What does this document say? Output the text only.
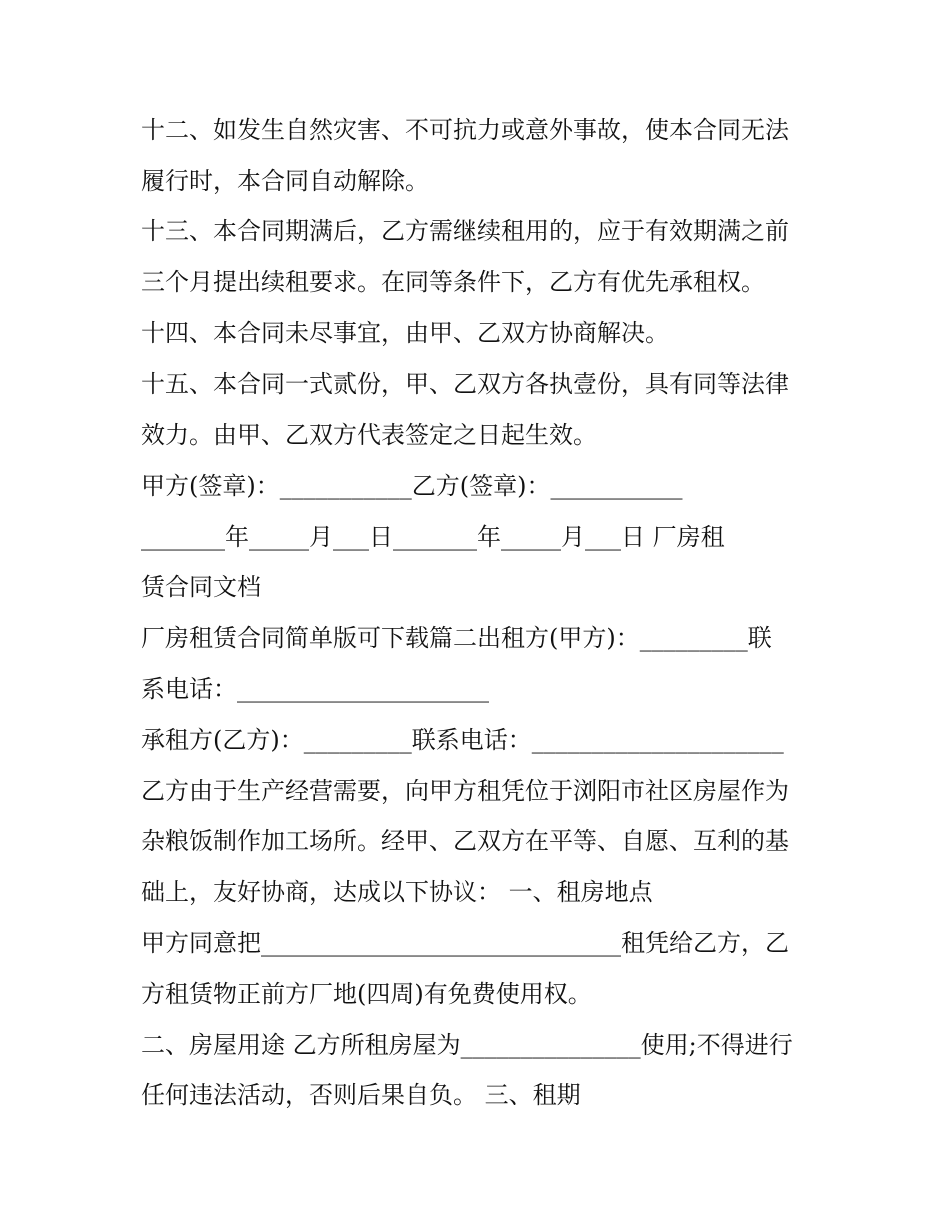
十二、如发生自然灾害、不可抗力或意外事故，使本合同无法
履行时，本合同自动解除。
十三、本合同期满后，乙方需继续租用的，应于有效期满之前
三个月提出续租要求。在同等条件下，乙方有优先承租权。
十四、本合同未尽事宜，由甲、乙双方协商解决。
十五、本合同一式贰份，甲、乙双方各执壹份，具有同等法律
效力。由甲、乙双方代表签定之日起生效。
甲方(签章)：___________乙方(签章)：___________
_______年_____月___日_______年_____月___日 厂房租
赁合同文档
厂房租赁合同简单版可下载篇二出租方(甲方)：_________联
系电话：_____________________
承租方(乙方)：_________联系电话：_____________________
乙方由于生产经营需要，向甲方租凭位于浏阳市社区房屋作为
杂粮饭制作加工场所。经甲、乙双方在平等、自愿、互利的基
础上，友好协商，达成以下协议： 一、租房地点
甲方同意把______________________________租凭给乙方，乙
方租赁物正前方厂地(四周)有免费使用权。
二、房屋用途 乙方所租房屋为_______________使用;不得进行
任何违法活动，否则后果自负。 三、租期
